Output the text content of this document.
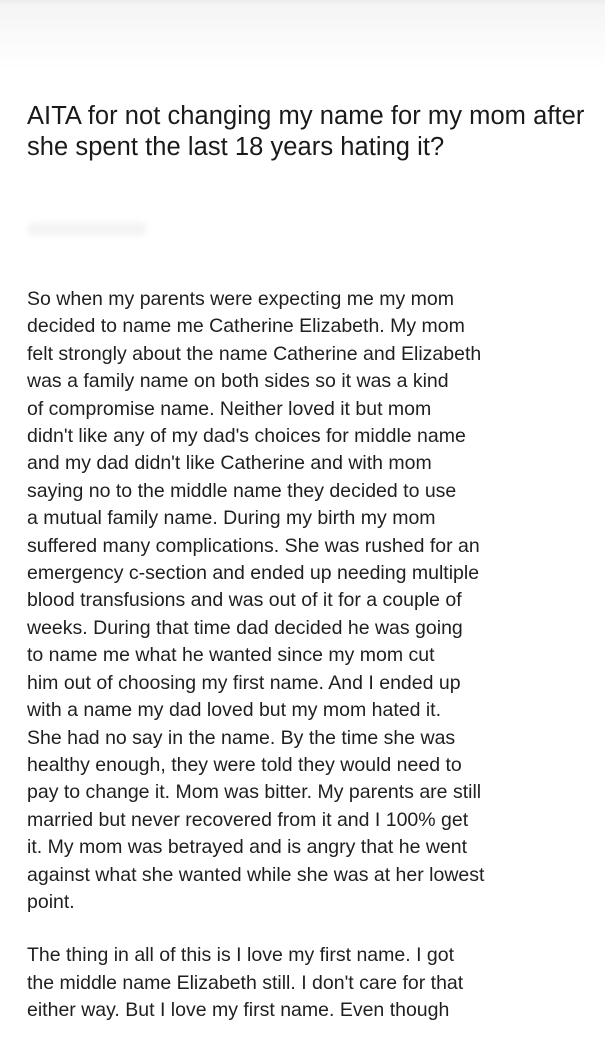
AITA for not changing my name for my mom after she spent the last 18 years hating it?

So when my parents were expecting me my mom
decided to name me Catherine Elizabeth. My mom
felt strongly about the name Catherine and Elizabeth
was a family name on both sides so it was a kind
of compromise name. Neither loved it but mom
didn't like any of my dad's choices for middle name
and my dad didn't like Catherine and with mom
saying no to the middle name they decided to use
a mutual family name. During my birth my mom
suffered many complications. She was rushed for an
emergency c-section and ended up needing multiple
blood transfusions and was out of it for a couple of
weeks. During that time dad decided he was going
to name me what he wanted since my mom cut
him out of choosing my first name. And I ended up
with a name my dad loved but my mom hated it.
She had no say in the name. By the time she was
healthy enough, they were told they would need to
pay to change it. Mom was bitter. My parents are still
married but never recovered from it and I 100% get
it. My mom was betrayed and is angry that he went
against what she wanted while she was at her lowest
point.

The thing in all of this is I love my first name. I got
the middle name Elizabeth still. I don't care for that
either way. But I love my first name. Even though
